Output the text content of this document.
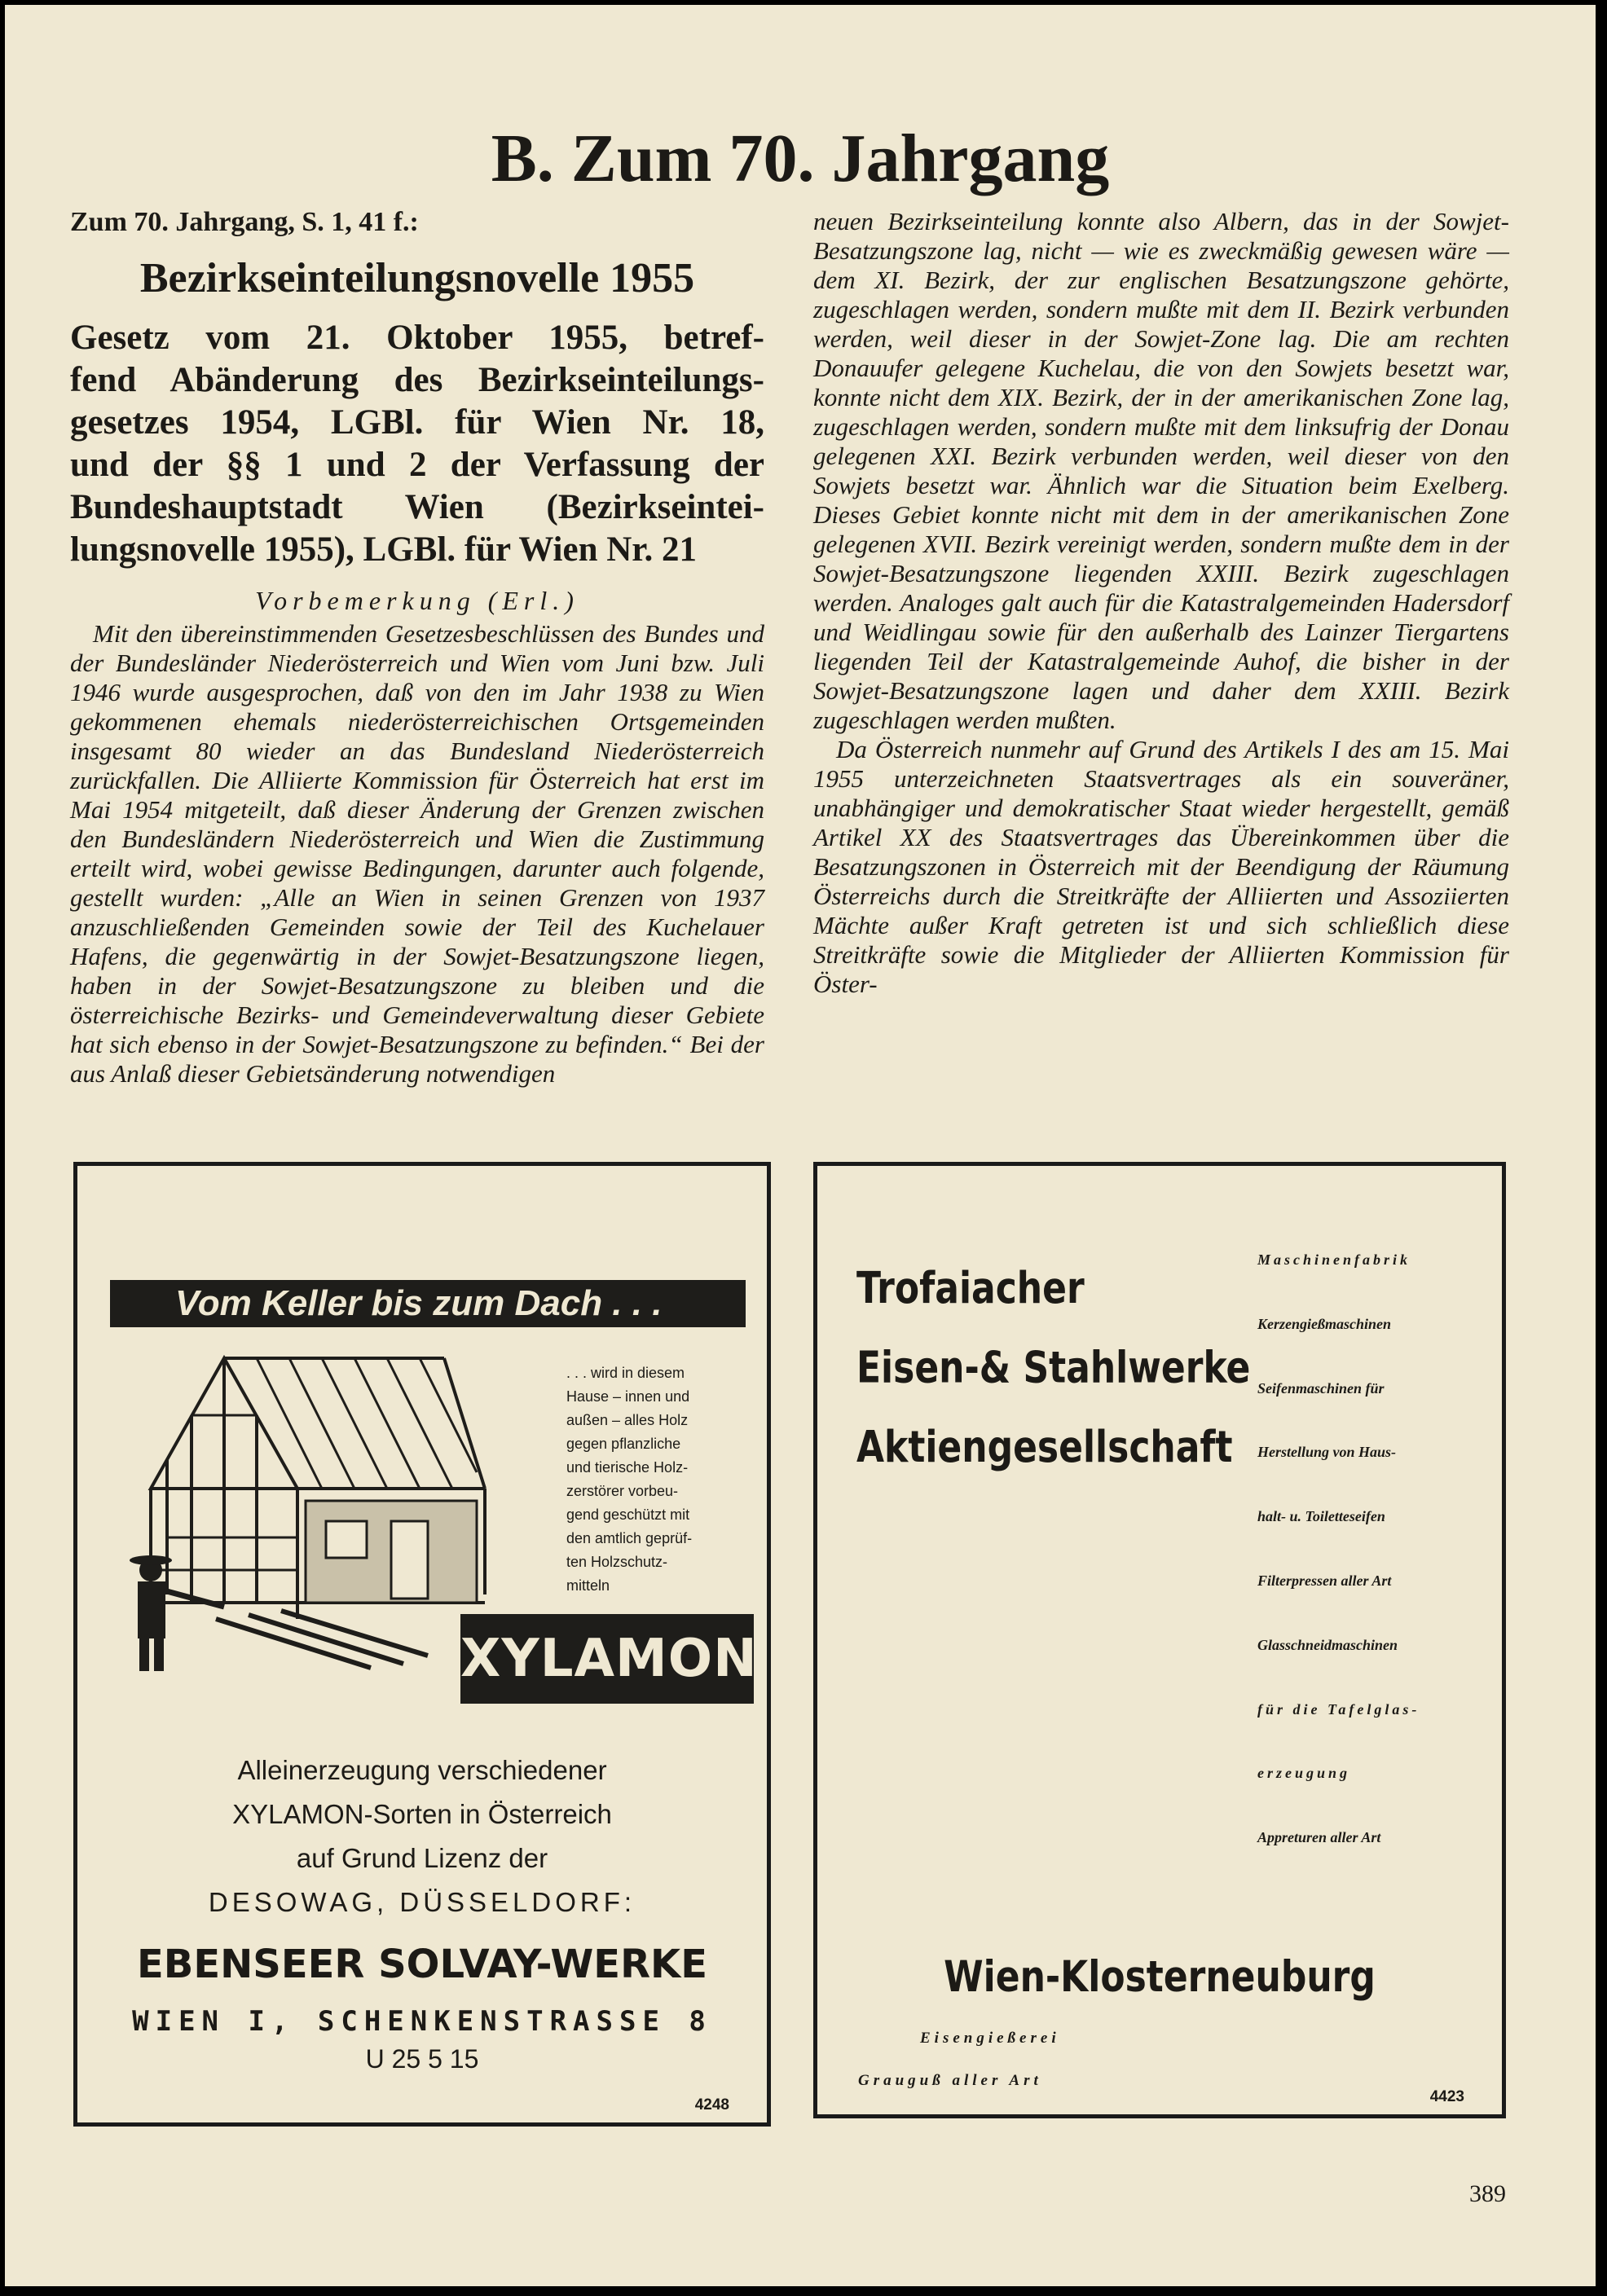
B. Zum 70. Jahrgang

Zum 70. Jahrgang, S. 1, 41 f.:

Bezirkseinteilungsnovelle 1955

Gesetz vom 21. Oktober 1955, betref-

fend Abänderung des Bezirkseinteilungs-

gesetzes 1954, LGBl. für Wien Nr. 18,

und der §§ 1 und 2 der Verfassung der

Bundeshauptstadt Wien (Bezirkseintei-

lungsnovelle 1955), LGBl. für Wien Nr. 21

Vorbemerkung (Erl.)

Mit den übereinstimmenden Gesetzesbeschlüssen des Bundes und der Bundesländer Niederösterreich und Wien vom Juni bzw. Juli 1946 wurde ausgesprochen, daß von den im Jahr 1938 zu Wien gekommenen ehemals niederösterreichischen Ortsgemeinden insgesamt 80 wieder an das Bundesland Niederösterreich zurückfallen. Die Alliierte Kommission für Österreich hat erst im Mai 1954 mitgeteilt, daß dieser Änderung der Grenzen zwischen den Bundesländern Niederösterreich und Wien die Zustimmung erteilt wird, wobei gewisse Bedingungen, darunter auch folgende, gestellt wurden: „Alle an Wien in seinen Grenzen von 1937 anzuschließenden Gemeinden sowie der Teil des Kuchelauer Hafens, die gegenwärtig in der Sowjet-Besatzungszone liegen, haben in der Sowjet-Besatzungszone zu bleiben und die österreichische Bezirks- und Gemeindeverwaltung dieser Gebiete hat sich ebenso in der Sowjet-Besatzungszone zu befinden.“ Bei der aus Anlaß dieser Gebietsänderung notwendigen

neuen Bezirkseinteilung konnte also Albern, das in der Sowjet-Besatzungszone lag, nicht — wie es zweckmäßig gewesen wäre — dem XI. Bezirk, der zur englischen Besatzungszone gehörte, zugeschlagen werden, sondern mußte mit dem II. Bezirk verbunden werden, weil dieser in der Sowjet-Zone lag. Die am rechten Donauufer gelegene Kuchelau, die von den Sowjets besetzt war, konnte nicht dem XIX. Bezirk, der in der amerikanischen Zone lag, zugeschlagen werden, sondern mußte mit dem linksufrig der Donau gelegenen XXI. Bezirk verbunden werden, weil dieser von den Sowjets besetzt war. Ähnlich war die Situation beim Exelberg. Dieses Gebiet konnte nicht mit dem in der amerikanischen Zone gelegenen XVII. Bezirk vereinigt werden, sondern mußte dem in der Sowjet-Besatzungszone liegenden XXIII. Bezirk zugeschlagen werden. Analoges galt auch für die Katastralgemeinden Hadersdorf und Weidlingau sowie für den außerhalb des Lainzer Tiergartens liegenden Teil der Katastralgemeinde Auhof, die bisher in der Sowjet-Besatzungszone lagen und daher dem XXIII. Bezirk zugeschlagen werden mußten.

Da Österreich nunmehr auf Grund des Artikels I des am 15. Mai 1955 unterzeichneten Staatsvertrages als ein souveräner, unabhängiger und demokratischer Staat wieder hergestellt, gemäß Artikel XX des Staatsvertrages das Übereinkommen über die Besatzungszonen in Österreich mit der Beendigung der Räumung Österreichs durch die Streitkräfte der Alliierten und Assoziierten Mächte außer Kraft getreten ist und sich schließlich diese Streitkräfte sowie die Mitglieder der Alliierten Kommission für Öster-

Vom Keller bis zum Dach . . .
. . . wird in diesem
Hause – innen und
außen – alles Holz
gegen pflanzliche
und tierische Holz-
zerstörer vorbeu-
gend geschützt mit
den amtlich geprüf-
ten Holzschutz-
mitteln
XYLAMON
Alleinerzeugung verschiedener
XYLAMON-Sorten in Österreich
auf Grund Lizenz der
DESOWAG, DÜSSELDORF:

EBENSEER SOLVAY-WERKE

WIEN I, SCHENKENSTRASSE 8

U 25 5 15

4248

Trofaiacher
Eisen-& Stahlwerke
Aktiengesellschaft
Maschinenfabrik
Kerzengießmaschinen
Seifenmaschinen für
Herstellung von Haus-
halt- u. Toiletteseifen
Filterpressen aller Art
Glasschneidmaschinen
für die Tafelglas-
erzeugung
Appreturen aller Art

Wien-Klosterneuburg

Eisengießerei

Grauguß aller Art

4423

389
